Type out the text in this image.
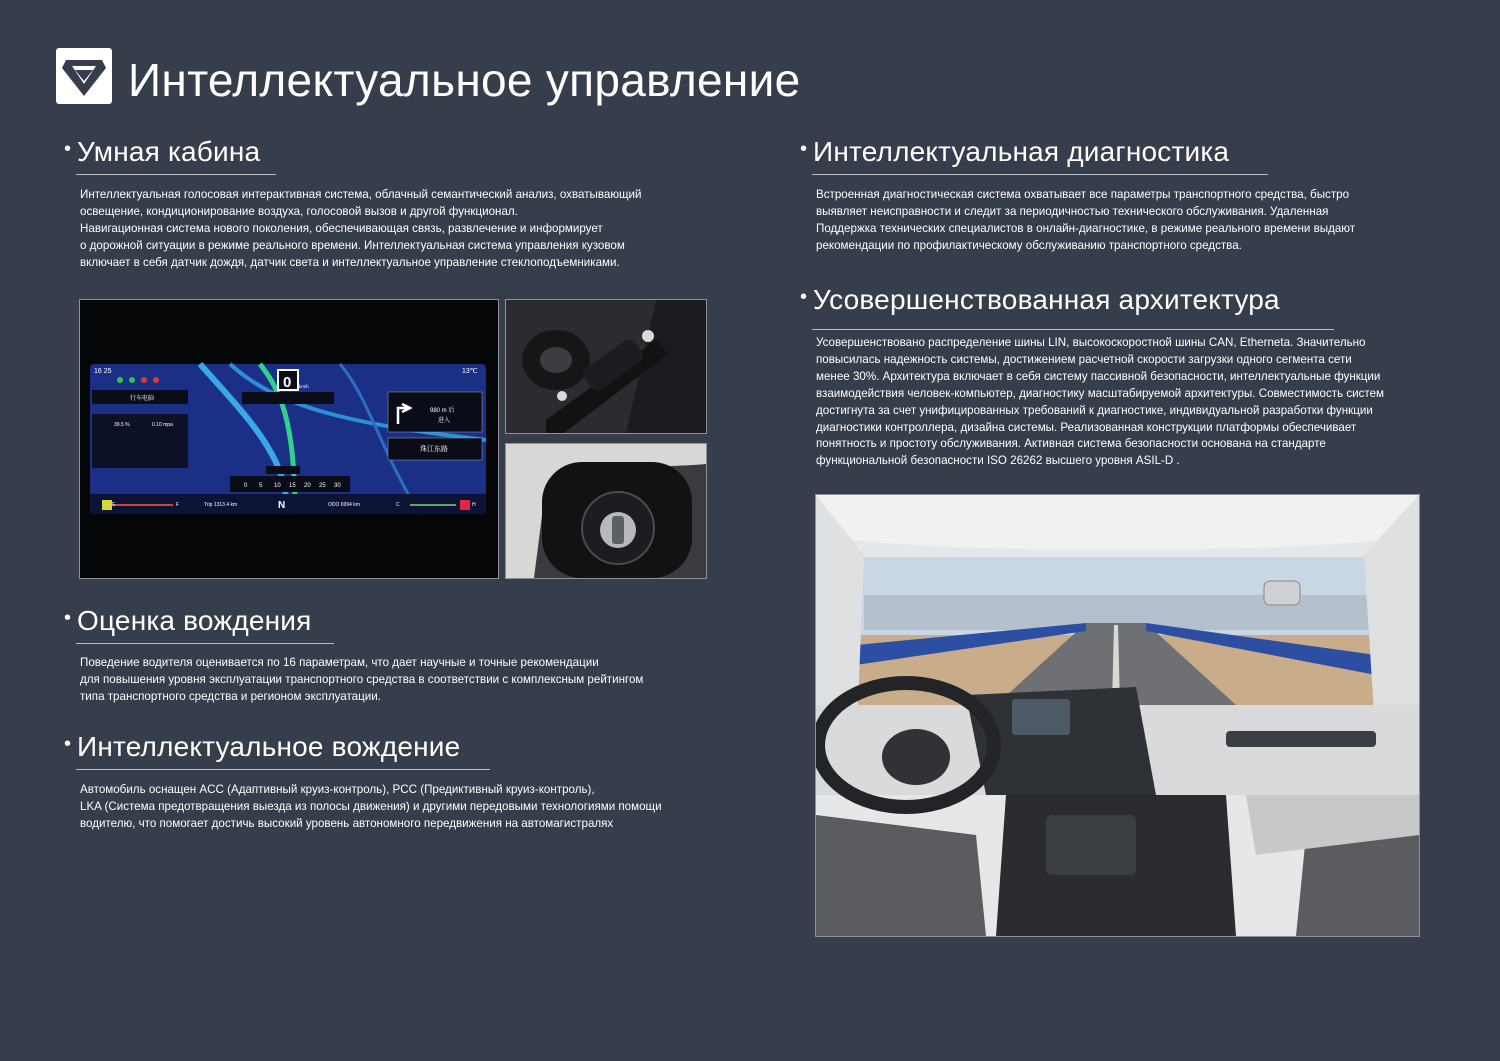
Интеллектуальное управление
• Умная кабина
Интеллектуальная голосовая интерактивная система, облачный семантический анализ, охватывающий
освещение, кондиционирование воздуха, голосовой вызов и другой функционал.
Навигационная система нового поколения, обеспечивающая связь, развлечение и информирует
о дорожной ситуации в режиме реального времени. Интеллектуальная система управления кузовом
включает в себя датчик дождя, датчик света и интеллектуальное управление стеклоподъемниками.
16 25	13℃
0 km/h
980 m 后
进入
珠江东路
行车电脑
39.5 %	0.10 mpa
Trip 1313.4 km	ODO 6994 km
N
E	F	C	H
0 5 10 15 20 25 30
• Оценка вождения
Поведение водителя оценивается по 16 параметрам, что дает научные и точные рекомендации
для повышения уровня эксплуатации транспортного средства в соответствии с комплексным рейтингом
типа транспортного средства и регионом эксплуатации.
• Интеллектуальное вождение
Автомобиль оснащен ACC (Адаптивный круиз-контроль), PCC (Предиктивный круиз-контроль),
LKA (Система предотвращения выезда из полосы движения) и другими передовыми технологиями помощи
водителю, что помогает достичь высокий уровень автономного передвижения на автомагистралях
• Интеллектуальная диагностика
Встроенная диагностическая система охватывает все параметры транспортного средства, быстро
выявляет неисправности и следит за периодичностью технического обслуживания. Удаленная
Поддержка технических специалистов в онлайн-диагностике, в режиме реального времени выдают
рекомендации по профилактическому обслуживанию транспортного средства.
• Усовершенствованная архитектура
Усовершенствовано распределение шины LIN, высокоскоростной шины CAN, Etherneta. Значительно
повысилась надежность системы, достижением расчетной скорости загрузки одного сегмента сети
менее 30%. Архитектура включает в себя систему пассивной безопасности, интеллектуальные функции
взаимодействия человек-компьютер, диагностику масштабируемой архитектуры. Совместимость систем
достигнута за счет унифицированных требований к диагностике, индивидуальной разработки функции
диагностики контроллера, дизайна системы. Реализованная конструкции платформы обеспечивает
понятность и простоту обслуживания. Активная система безопасности основана на стандарте
функциональной безопасности ISO 26262 высшего уровня ASIL-D .
